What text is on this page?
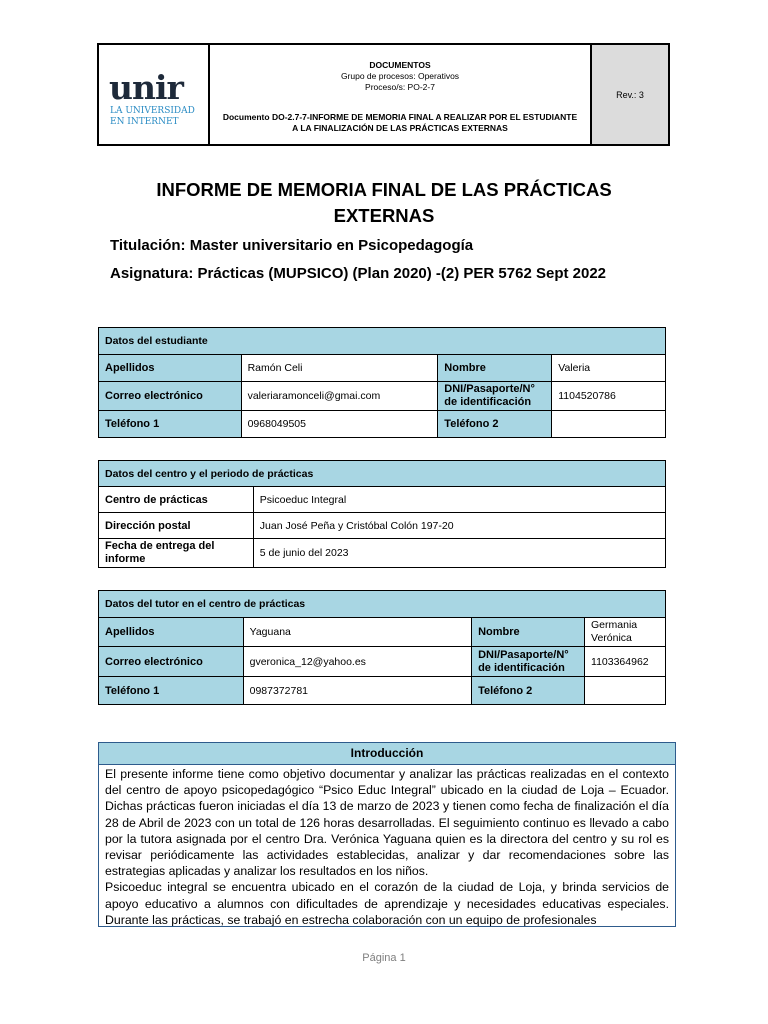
unir
LA UNIVERSIDAD
EN INTERNET
DOCUMENTOS
Grupo de procesos: Operativos
Proceso/s: PO-2-7
Documento DO-2.7-7-INFORME DE MEMORIA FINAL A REALIZAR POR EL ESTUDIANTE
A LA FINALIZACIÓN DE LAS PRÁCTICAS EXTERNAS
Rev.: 3
INFORME DE MEMORIA FINAL DE LAS PRÁCTICAS
EXTERNAS
Titulación: Master universitario en Psicopedagogía
Asignatura: Prácticas (MUPSICO) (Plan 2020) -(2) PER 5762 Sept 2022
Datos del estudiante			
Apellidos	Ramón Celi	Nombre	Valeria
Correo electrónico	valeriaramonceli@gmai.com	DNI/Pasaporte/N°
de identificación	1104520786
Teléfono 1	0968049505	Teléfono 2	
Datos del centro y el periodo de prácticas	
Centro de prácticas	Psicoeduc Integral
Dirección postal	Juan José Peña y Cristóbal Colón 197-20

Fecha de entrega del
informe	5 de junio del 2023
Datos del tutor en el centro de prácticas			
Apellidos	Yaguana	Nombre	Germania
Verónica

Correo electrónico	gveronica_12@yahoo.es	DNI/Pasaporte/N°
de identificación	1103364962
Teléfono 1	0987372781	Teléfono 2	
Introducción

El presente informe tiene como objetivo documentar y analizar las prácticas realizadas en el contexto del centro de apoyo psicopedagógico “Psico Educ Integral” ubicado en la ciudad de Loja – Ecuador. Dichas prácticas fueron iniciadas el día 13 de marzo de 2023 y tienen como fecha de finalización el día 28 de Abril de 2023 con un total de 126 horas desarrolladas. El seguimiento continuo es llevado a cabo por la tutora asignada por el centro Dra. Verónica Yaguana quien es la directora del centro y su rol es revisar periódicamente las actividades establecidas, analizar y dar recomendaciones sobre las estrategias aplicadas y analizar los resultados en los niños.

Psicoeduc integral se encuentra ubicado en el corazón de la ciudad de Loja, y brinda servicios de apoyo educativo a alumnos con dificultades de aprendizaje y necesidades educativas especiales. Durante las prácticas, se trabajó en estrecha colaboración con un equipo de profesionales

Página 1
